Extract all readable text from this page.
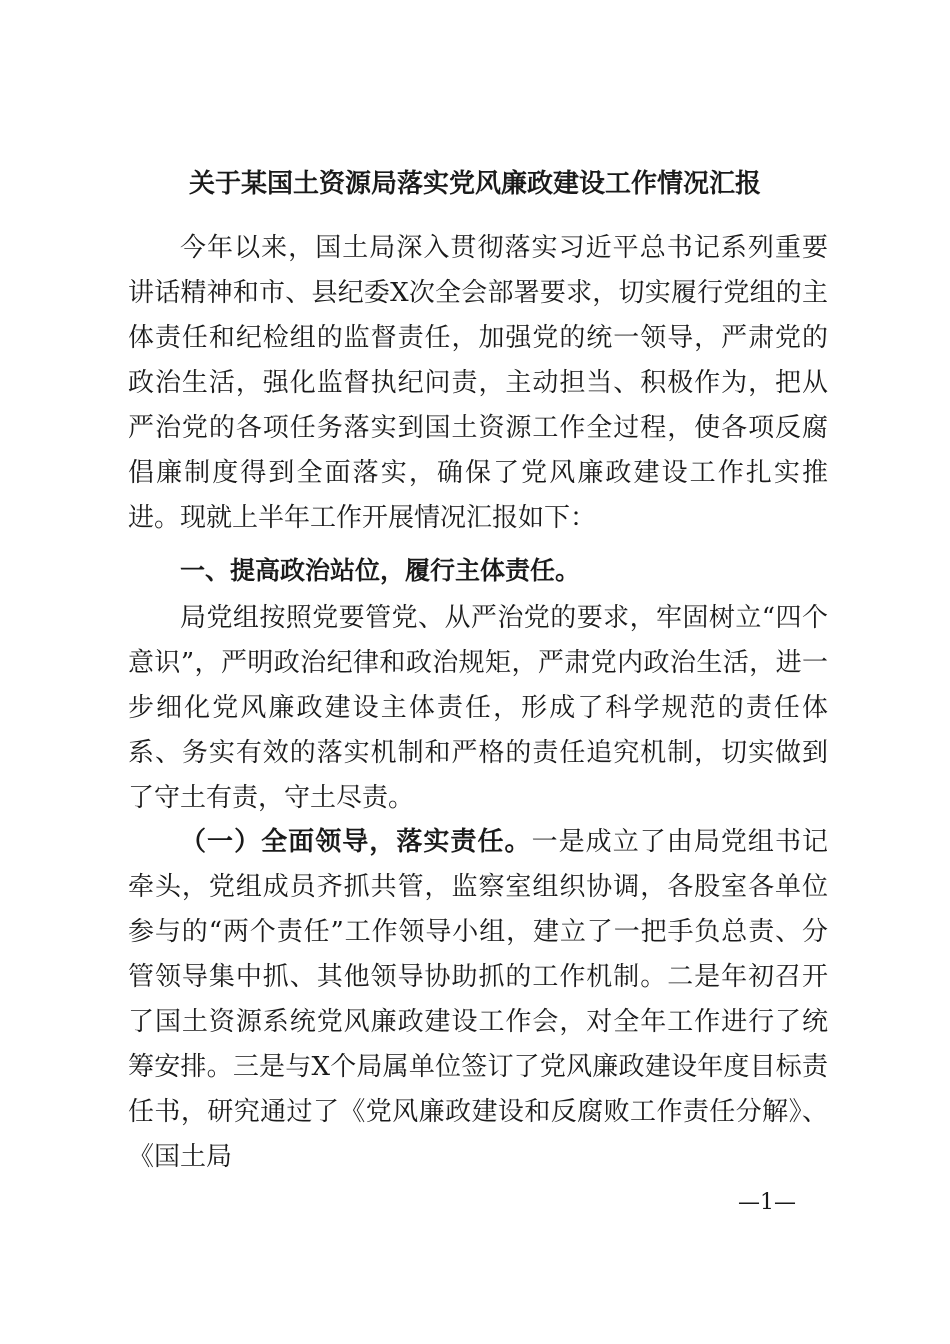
关于某国土资源局落实党风廉政建设工作情况汇报

今年以来，国土局深入贯彻落实习近平总书记系列重要讲话精神和市、县纪委X次全会部署要求，切实履行党组的主体责任和纪检组的监督责任，加强党的统一领导，严肃党的政治生活，强化监督执纪问责，主动担当、积极作为，把从严治党的各项任务落实到国土资源工作全过程，使各项反腐倡廉制度得到全面落实，确保了党风廉政建设工作扎实推进。现就上半年工作开展情况汇报如下：

一、提高政治站位，履行主体责任。

局党组按照党要管党、从严治党的要求，牢固树立“四个意识”，严明政治纪律和政治规矩，严肃党内政治生活，进一步细化党风廉政建设主体责任，形成了科学规范的责任体系、务实有效的落实机制和严格的责任追究机制，切实做到了守土有责，守土尽责。

（一）全面领导，落实责任。一是成立了由局党组书记牵头，党组成员齐抓共管，监察室组织协调，各股室各单位参与的“两个责任”工作领导小组，建立了一把手负总责、分管领导集中抓、其他领导协助抓的工作机制。二是年初召开了国土资源系统党风廉政建设工作会，对全年工作进行了统筹安排。三是与X个局属单位签订了党风廉政建设年度目标责任书，研究通过了《党风廉政建设和反腐败工作责任分解》、《国土局

—1—
